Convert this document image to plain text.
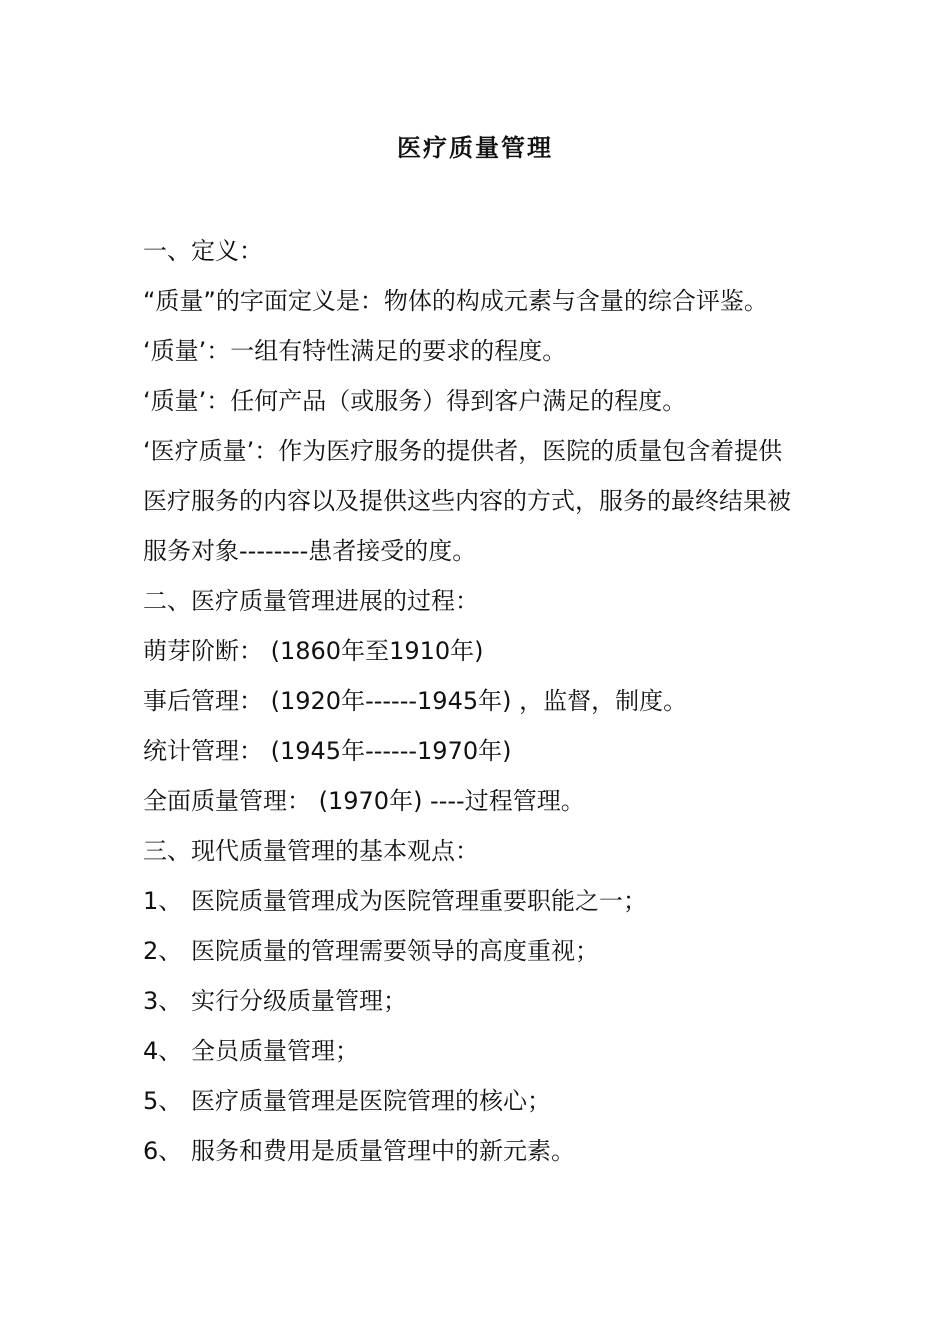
医疗质量管理
一、定义：
“质量”的字面定义是：物体的构成元素与含量的综合评鉴。
‘质量’：一组有特性满足的要求的程度。
‘质量’：任何产品（或服务）得到客户满足的程度。
‘医疗质量’：作为医疗服务的提供者，医院的质量包含着提供医疗服务的内容以及提供这些内容的方式，服务的最终结果被服务对象--------患者接受的度。
二、医疗质量管理进展的过程：
萌芽阶断： (1860年至1910年)
事后管理： (1920年------1945年) ，监督，制度。
统计管理： (1945年------1970年)
全面质量管理： (1970年) ----过程管理。
三、现代质量管理的基本观点：
1、 医院质量管理成为医院管理重要职能之一；
2、 医院质量的管理需要领导的高度重视；
3、 实行分级质量管理；
4、 全员质量管理；
5、 医疗质量管理是医院管理的核心；
6、 服务和费用是质量管理中的新元素。
